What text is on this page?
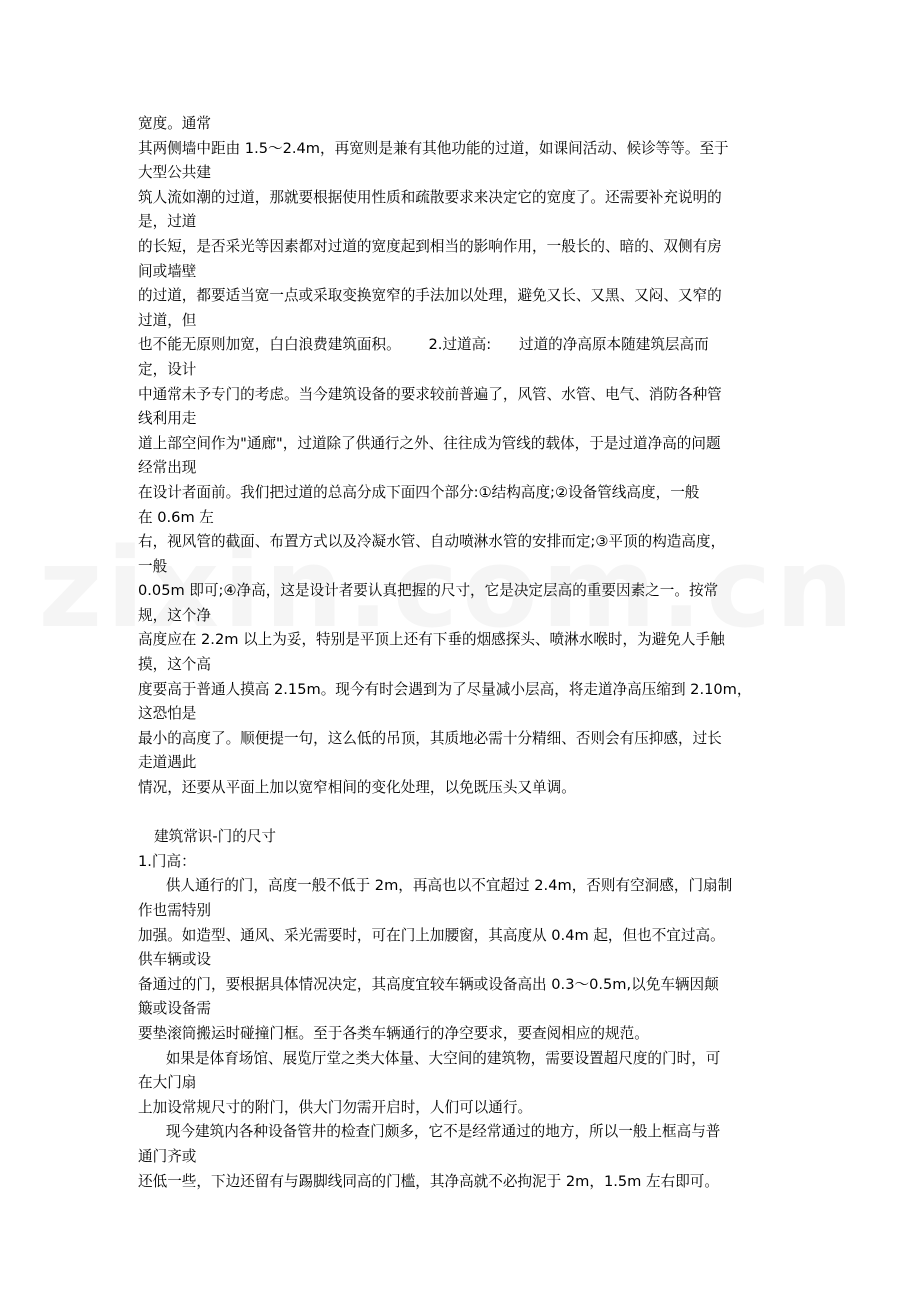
宽度。通常
其两侧墙中距由 1.5～2.4m，再宽则是兼有其他功能的过道，如课间活动、候诊等等。至于
大型公共建
筑人流如潮的过道，那就要根据使用性质和疏散要求来决定它的宽度了。还需要补充说明的
是，过道
的长短，是否采光等因素都对过道的宽度起到相当的影响作用，一般长的、暗的、双侧有房
间或墙壁
的过道，都要适当宽一点或采取变换宽窄的手法加以处理，避免又长、又黑、又闷、又窄的
过道，但
也不能无原则加宽，白白浪费建筑面积。      2.过道高:      过道的净高原本随建筑层高而
定，设计
中通常未予专门的考虑。当今建筑设备的要求较前普遍了，风管、水管、电气、消防各种管
线利用走
道上部空间作为"通廊"，过道除了供通行之外、往往成为管线的载体，于是过道净高的问题
经常出现
在设计者面前。我们把过道的总高分成下面四个部分:①结构高度;②设备管线高度，一般
在 0.6m 左
右，视风管的截面、布置方式以及冷凝水管、自动喷淋水管的安排而定;③平顶的构造高度，
一般
0.05m 即可;④净高，这是设计者要认真把握的尺寸，它是决定层高的重要因素之一。按常
规，这个净
高度应在 2.2m 以上为妥，特别是平顶上还有下垂的烟感探头、喷淋水喉时，为避免人手触
摸，这个高
度要高于普通人摸高 2.15m。现今有时会遇到为了尽量减小层高，将走道净高压缩到 2.10m，
这恐怕是
最小的高度了。顺便提一句，这么低的吊顶，其质地必需十分精细、否则会有压抑感，过长
走道遇此
情况，还要从平面上加以宽窄相间的变化处理，以免既压头又单调。
建筑常识-门的尺寸
1.门高：
供人通行的门，高度一般不低于 2m，再高也以不宜超过 2.4m，否则有空洞感，门扇制
作也需特别
加强。如造型、通风、采光需要时，可在门上加腰窗，其高度从 0.4m 起，但也不宜过高。
供车辆或设
备通过的门，要根据具体情况决定，其高度宜较车辆或设备高出 0.3～0.5m,以免车辆因颠
簸或设备需
要垫滚筒搬运时碰撞门框。至于各类车辆通行的净空要求，要查阅相应的规范。
如果是体育场馆、展览厅堂之类大体量、大空间的建筑物，需要设置超尺度的门时，可
在大门扇
上加设常规尺寸的附门，供大门勿需开启时，人们可以通行。
现今建筑内各种设备管井的检查门颇多，它不是经常通过的地方，所以一般上框高与普
通门齐或
还低一些，下边还留有与踢脚线同高的门槛，其净高就不必拘泥于 2m，1.5m 左右即可。
